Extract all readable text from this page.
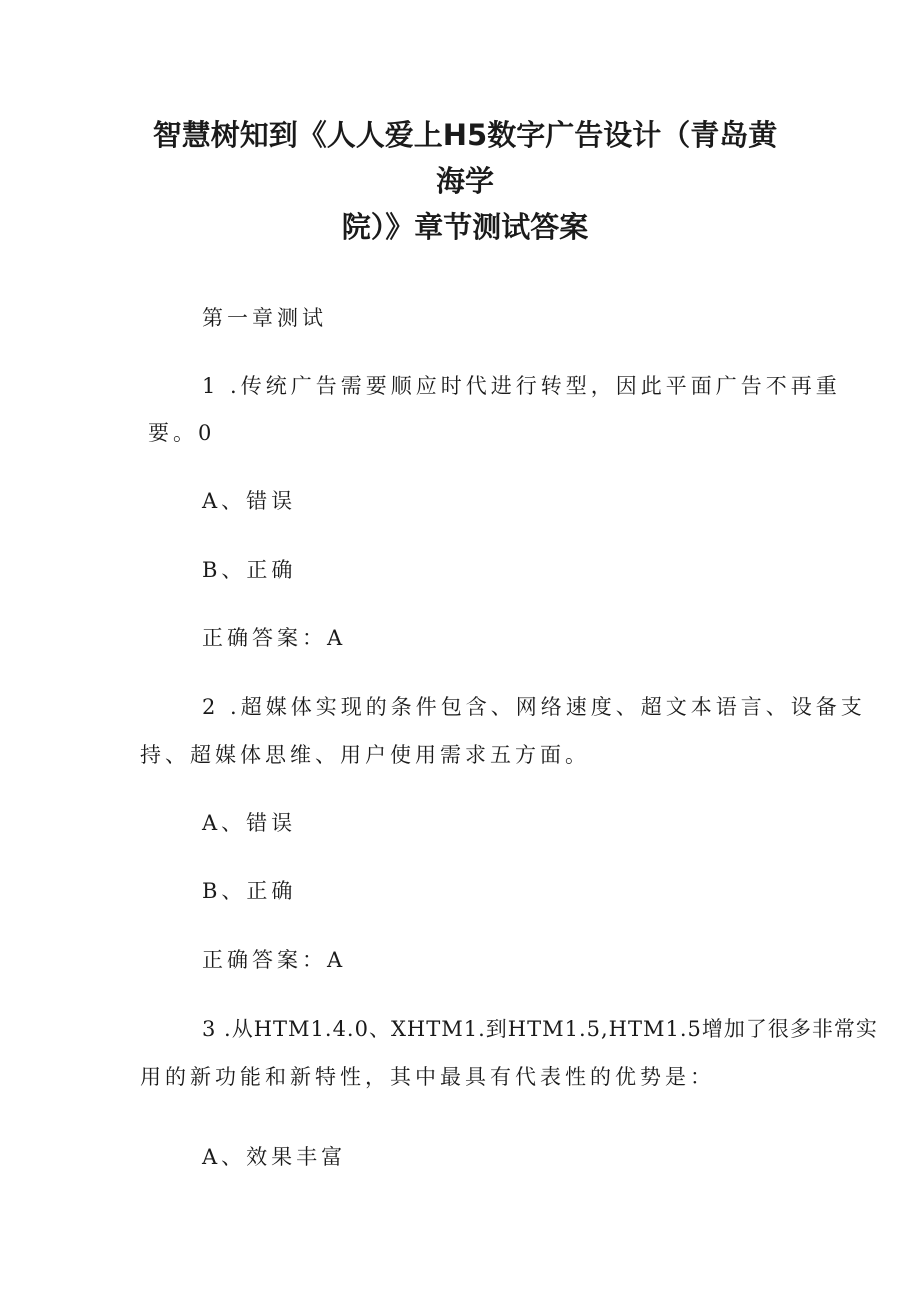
智慧树知到《人人爱上H5数字广告设计（青岛黄海学
院）》章节测试答案

第一章测试

1 .传统广告需要顺应时代进行转型，因此平面广告不再重

要。0

A、错误

B、正确

正确答案：A

2 .超媒体实现的条件包含、网络速度、超文本语言、设备支

持、超媒体思维、用户使用需求五方面。

A、错误

B、正确

正确答案：A

3 .从HTM1.4.0、XHTM1.到HTM1.5,HTM1.5增加了很多非常实

用的新功能和新特性，其中最具有代表性的优势是：

A、效果丰富
